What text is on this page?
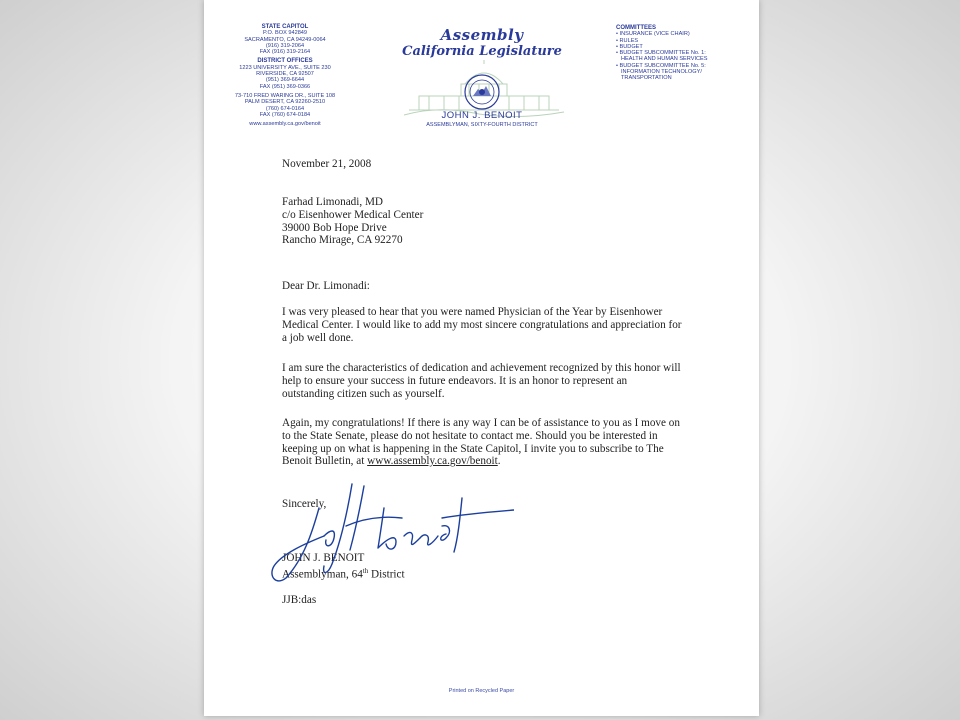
STATE CAPITOL
P.O. BOX 942849
SACRAMENTO, CA 94249-0064
(916) 319-2064
FAX (916) 319-2164
DISTRICT OFFICES
1223 UNIVERSITY AVE., SUITE 230
RIVERSIDE, CA 92507
(951) 369-6644
FAX (951) 369-0366
73-710 FRED WARING DR., SUITE 108
PALM DESERT, CA 92260-2510
(760) 674-0164
FAX (760) 674-0184
www.assembly.ca.gov/benoit
Assembly
California Legislature
JOHN J. BENOIT
ASSEMBLYMAN, SIXTY-FOURTH DISTRICT
COMMITTEES
• INSURANCE (VICE CHAIR)
• RULES
• BUDGET
• BUDGET SUBCOMMITTEE No. 1:
HEALTH AND HUMAN SERVICES
• BUDGET SUBCOMMITTEE No. 5:
INFORMATION TECHNOLOGY/
TRANSPORTATION

November 21, 2008

Farhad Limonadi, MD
c/o Eisenhower Medical Center
39000 Bob Hope Drive
Rancho Mirage, CA 92270

Dear Dr. Limonadi:

I was very pleased to hear that you were named Physician of the Year by Eisenhower Medical Center. I would like to add my most sincere congratulations and appreciation for a job well done.

I am sure the characteristics of dedication and achievement recognized by this honor will help to ensure your success in future endeavors. It is an honor to represent an outstanding citizen such as yourself.

Again, my congratulations! If there is any way I can be of assistance to you as I move on to the State Senate, please do not hesitate to contact me. Should you be interested in keeping up on what is happening in the State Capitol, I invite you to subscribe to The Benoit Bulletin, at www.assembly.ca.gov/benoit.

Sincerely,

JOHN J. BENOIT

Assemblyman, 64th District

JJB:das

Printed on Recycled Paper
